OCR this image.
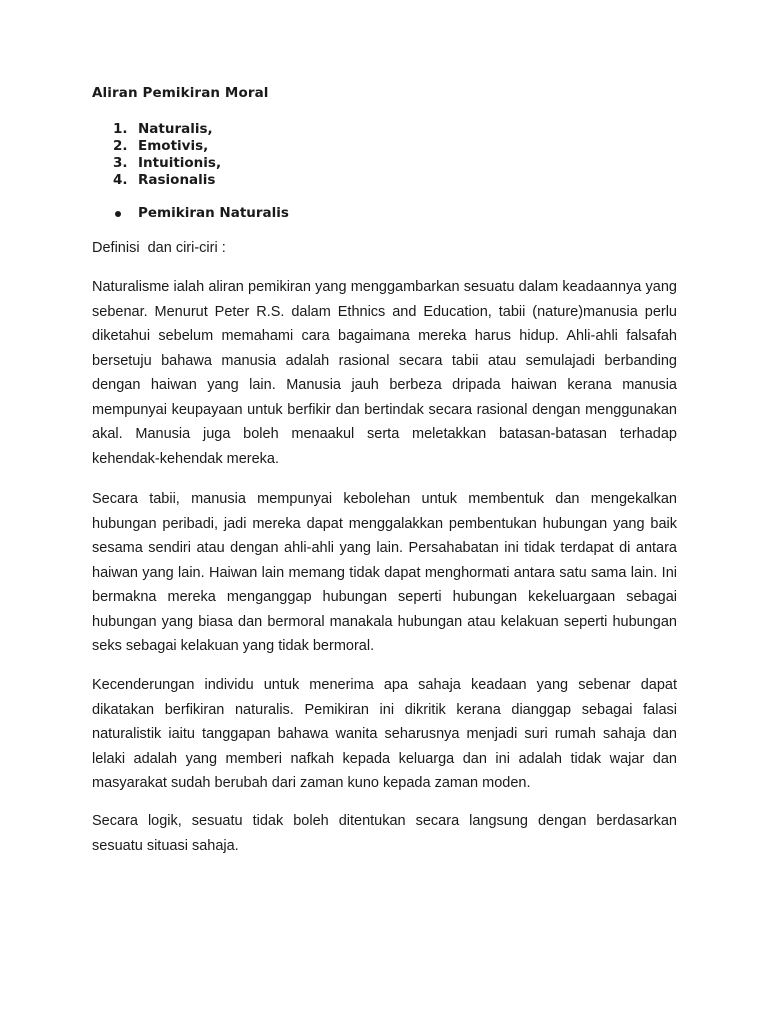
Aliran Pemikiran Moral
1. Naturalis,
2. Emotivis,
3. Intuitionis,
4. Rasionalis
Pemikiran Naturalis

Definisi  dan ciri-ciri :

Naturalisme ialah aliran pemikiran yang menggambarkan sesuatu dalam keadaannya yang sebenar. Menurut Peter R.S. dalam Ethnics and Education, tabii (nature)manusia perlu diketahui sebelum memahami cara bagaimana mereka harus hidup. Ahli-ahli falsafah bersetuju bahawa manusia adalah rasional secara tabii atau semulajadi berbanding dengan haiwan yang lain. Manusia jauh berbeza dripada haiwan kerana manusia mempunyai keupayaan untuk berfikir dan bertindak secara rasional dengan menggunakan akal. Manusia juga boleh menaakul serta meletakkan batasan-batasan terhadap kehendak-kehendak mereka.

Secara tabii, manusia mempunyai kebolehan untuk membentuk dan mengekalkan hubungan peribadi, jadi mereka dapat menggalakkan pembentukan hubungan yang baik sesama sendiri atau dengan ahli-ahli yang lain. Persahabatan ini tidak terdapat di antara haiwan yang lain. Haiwan lain memang tidak dapat menghormati antara satu sama lain. Ini bermakna mereka menganggap hubungan seperti hubungan kekeluargaan sebagai hubungan yang biasa dan bermoral manakala hubungan atau kelakuan seperti hubungan seks sebagai kelakuan yang tidak bermoral.

Kecenderungan individu untuk menerima apa sahaja keadaan yang sebenar dapat dikatakan berfikiran naturalis. Pemikiran ini dikritik kerana dianggap sebagai falasi naturalistik iaitu tanggapan bahawa wanita seharusnya menjadi suri rumah sahaja dan lelaki adalah yang memberi nafkah kepada keluarga dan ini adalah tidak wajar dan masyarakat sudah berubah dari zaman kuno kepada zaman moden.

Secara logik, sesuatu tidak boleh ditentukan secara langsung dengan berdasarkan sesuatu situasi sahaja.
